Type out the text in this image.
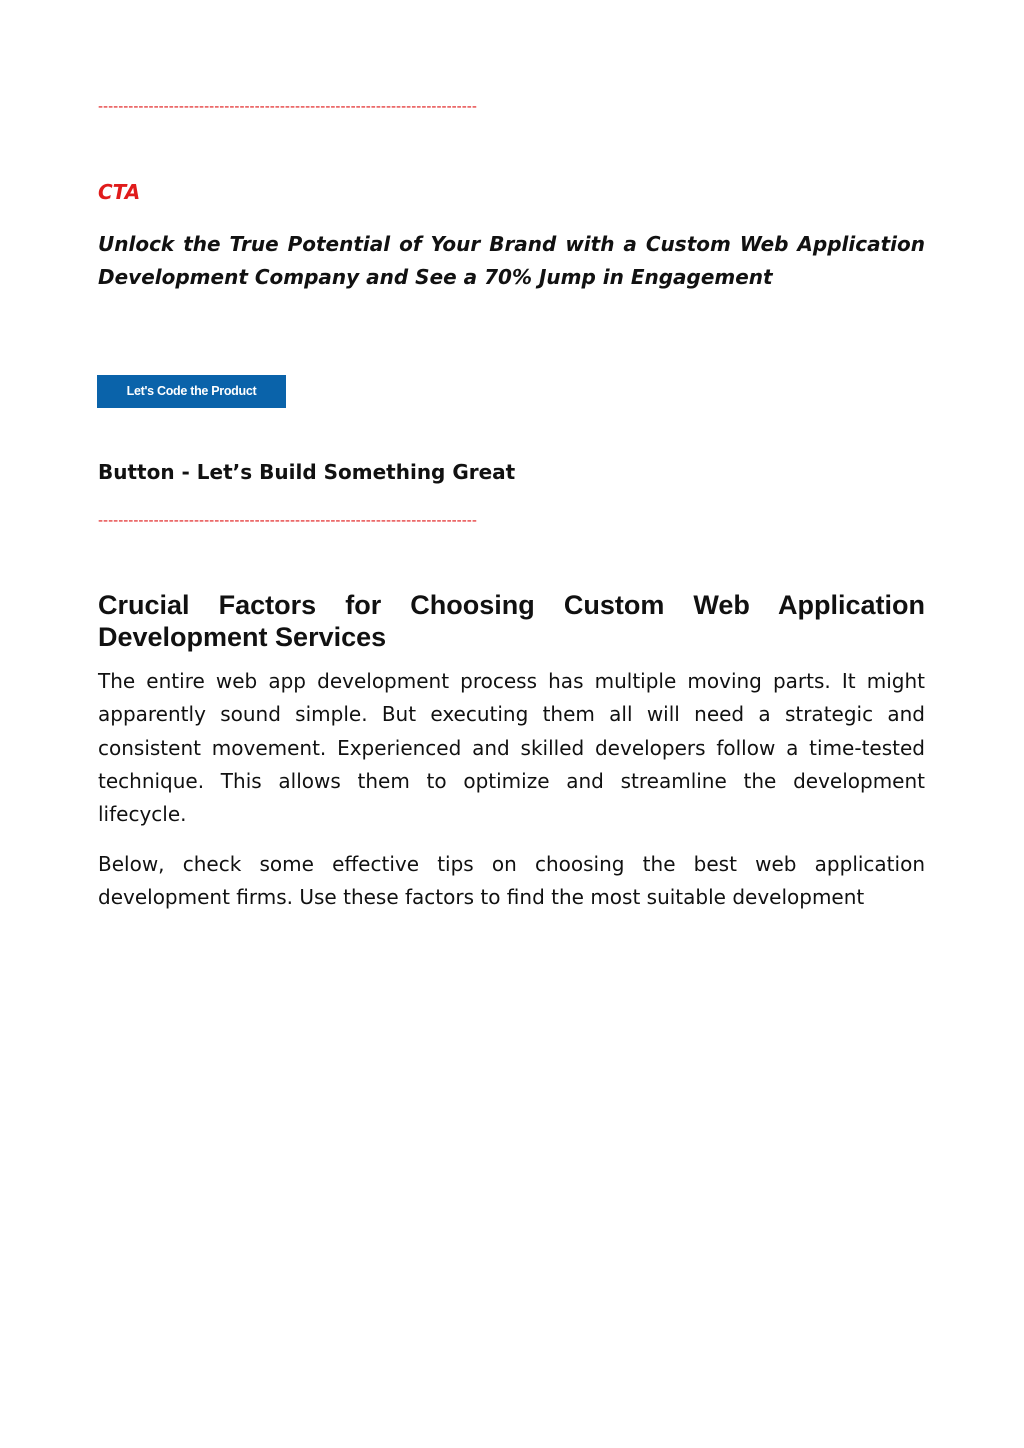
---------------------------------------------------------------------------
CTA
Unlock the True Potential of Your Brand with a Custom Web Application Development Company and See a 70% Jump in Engagement
Let's Code the Product
Button - Let’s Build Something Great
---------------------------------------------------------------------------
Crucial Factors for Choosing Custom Web Application Development Services

The entire web app development process has multiple moving parts. It might apparently sound simple. But executing them all will need a strategic and consistent movement. Experienced and skilled developers follow a time-tested technique. This allows them to optimize and streamline the development lifecycle.

Below, check some effective tips on choosing the best web application development firms. Use these factors to find the most suitable development
